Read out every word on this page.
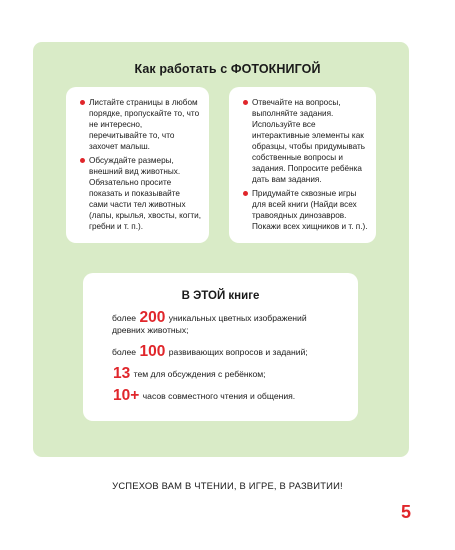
Как работать с ФОТОКНИГОЙ
Листайте страницы в любом порядке, пропускайте то, что не интересно, перечитывайте то, что захочет малыш.
Обсуждайте размеры, внешний вид животных. Обязательно просите показать и показывайте сами части тел животных (лапы, крылья, хвосты, когти, гребни и т. п.).
Отвечайте на вопросы, выполняйте задания. Используйте все интерактивные элементы как образцы, чтобы придумывать собственные вопросы и задания. Попросите ребёнка дать вам задания.
Придумайте сквозные игры для всей книги (Найди всех травоядных динозавров. Покажи всех хищников и т. п.).
В ЭТОЙ книге
более 200 уникальных цветных изображений
древних животных;
более 100 развивающих вопросов и заданий;
13 тем для обсуждения с ребёнком;
10+ часов совместного чтения и общения.
УСПЕХОВ ВАМ В ЧТЕНИИ, В ИГРЕ, В РАЗВИТИИ!
5
